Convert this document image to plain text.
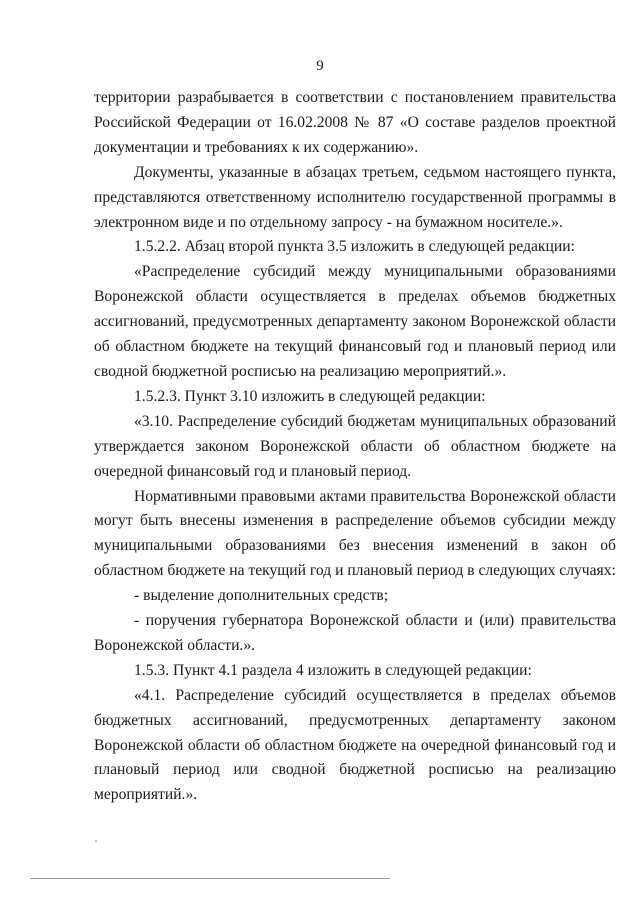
9

территории разрабывается в соответствии с постановлением правительства Российской Федерации от 16.02.2008 № 87 «О составе разделов проектной документации и требованиях к их содержанию».

Документы, указанные в абзацах третьем, седьмом настоящего пункта, представляются ответственному исполнителю государственной программы в электронном виде и по отдельному запросу - на бумажном носителе.».

1.5.2.2. Абзац второй пункта 3.5 изложить в следующей редакции:

«Распределение субсидий между муниципальными образованиями Воронежской области осуществляется в пределах объемов бюджетных ассигнований, предусмотренных департаменту законом Воронежской области об областном бюджете на текущий финансовый год и плановый период или сводной бюджетной росписью на реализацию мероприятий.».

1.5.2.3. Пункт 3.10 изложить в следующей редакции:

«3.10. Распределение субсидий бюджетам муниципальных образований утверждается законом Воронежской области об областном бюджете на очередной финансовый год и плановый период.

Нормативными правовыми актами правительства Воронежской области могут быть внесены изменения в распределение объемов субсидии между муниципальными образованиями без внесения изменений в закон об областном бюджете на текущий год и плановый период в следующих случаях:

- выделение дополнительных средств;

- поручения губернатора Воронежской области и (или) правительства Воронежской области.».

1.5.3. Пункт 4.1 раздела 4 изложить в следующей редакции:

«4.1. Распределение субсидий осуществляется в пределах объемов бюджетных ассигнований, предусмотренных департаменту законом Воронежской области об областном бюджете на очередной финансовый год и плановый период или сводной бюджетной росписью на реализацию мероприятий.».
